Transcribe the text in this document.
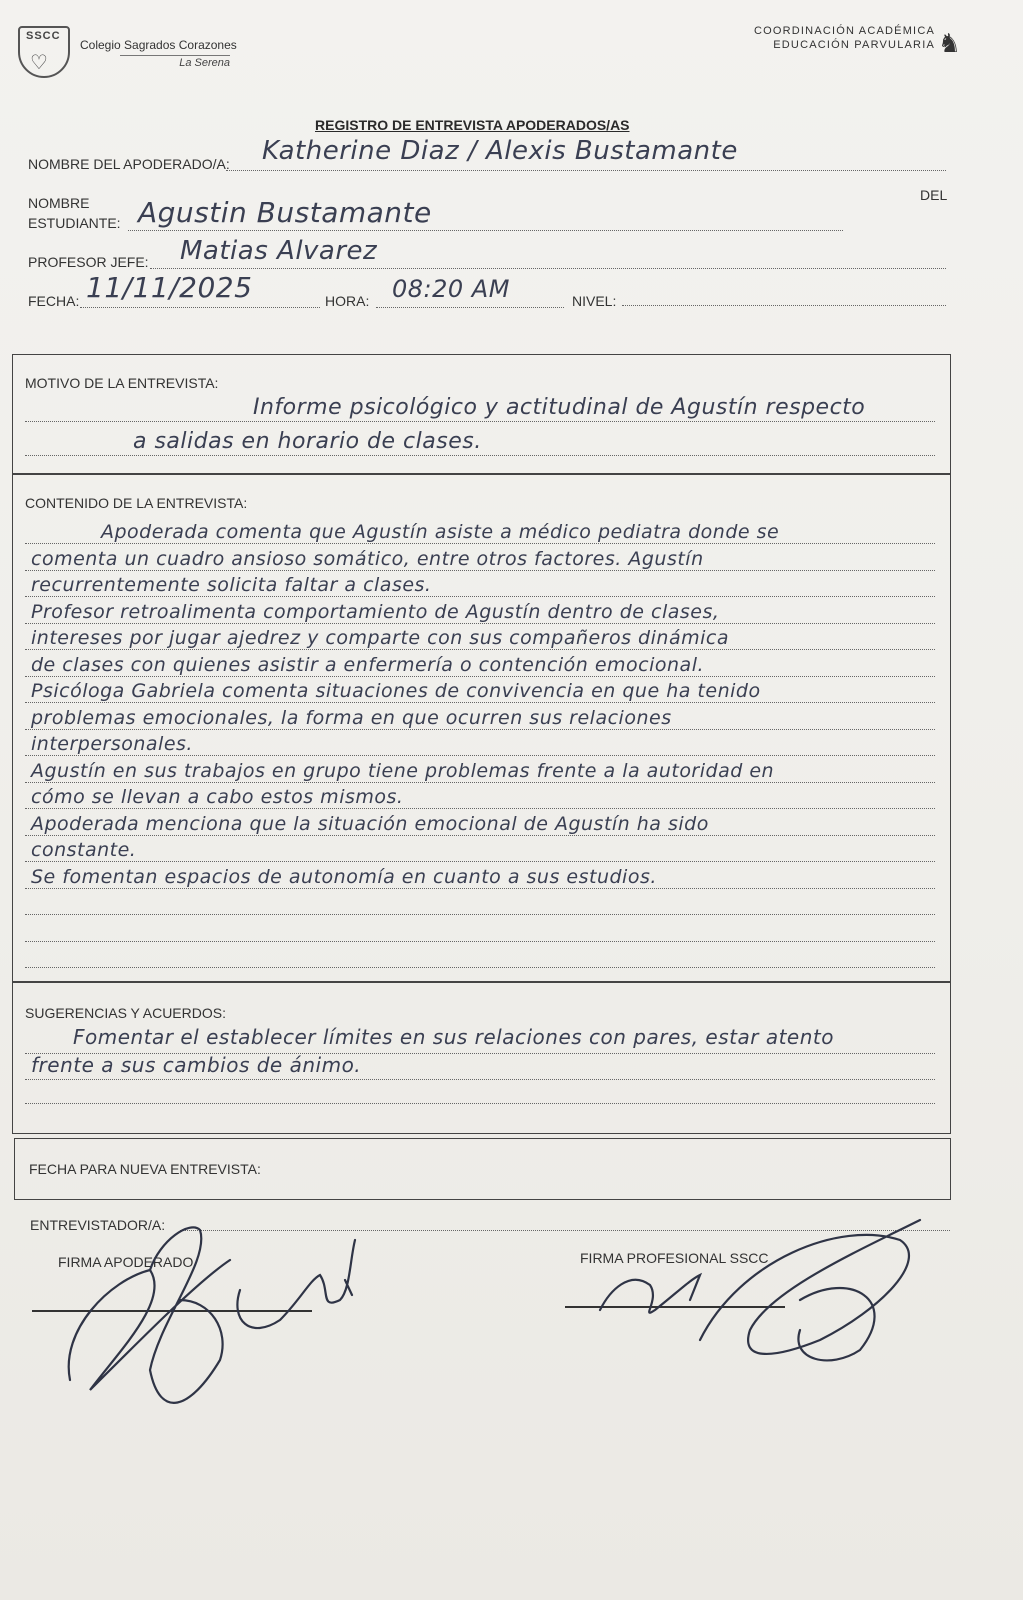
SSCC
♡
Colegio Sagrados Corazones
La Serena
COORDINACIÓN ACADÉMICA
EDUCACIÓN PARVULARIA ♞
REGISTRO DE ENTREVISTA APODERADOS/AS
NOMBRE DEL APODERADO/A: Katherine Diaz / Alexis Bustamante
NOMBRE	DEL
ESTUDIANTE: Agustin Bustamante
PROFESOR JEFE: Matias Alvarez
FECHA: 11/11/2025	HORA: 08:20 AM	NIVEL:
MOTIVO DE LA ENTREVISTA:
Informe psicológico y actitudinal de Agustín respecto
a salidas en horario de clases.
CONTENIDO DE LA ENTREVISTA:
Apoderada comenta que Agustín asiste a médico pediatra donde se
comenta un cuadro ansioso somático, entre otros factores. Agustín
recurrentemente solicita faltar a clases.
Profesor retroalimenta comportamiento de Agustín dentro de clases,
intereses por jugar ajedrez y comparte con sus compañeros dinámica
de clases con quienes asistir a enfermería o contención emocional.
Psicóloga Gabriela comenta situaciones de convivencia en que ha tenido
problemas emocionales, la forma en que ocurren sus relaciones
interpersonales.
Agustín en sus trabajos en grupo tiene problemas frente a la autoridad en
cómo se llevan a cabo estos mismos.
Apoderada menciona que la situación emocional de Agustín ha sido
constante.
Se fomentan espacios de autonomía en cuanto a sus estudios.
SUGERENCIAS Y ACUERDOS:
Fomentar el establecer límites en sus relaciones con pares, estar atento
frente a sus cambios de ánimo.
FECHA PARA NUEVA ENTREVISTA:
ENTREVISTADOR/A:
FIRMA APODERADO	FIRMA PROFESIONAL SSCC
